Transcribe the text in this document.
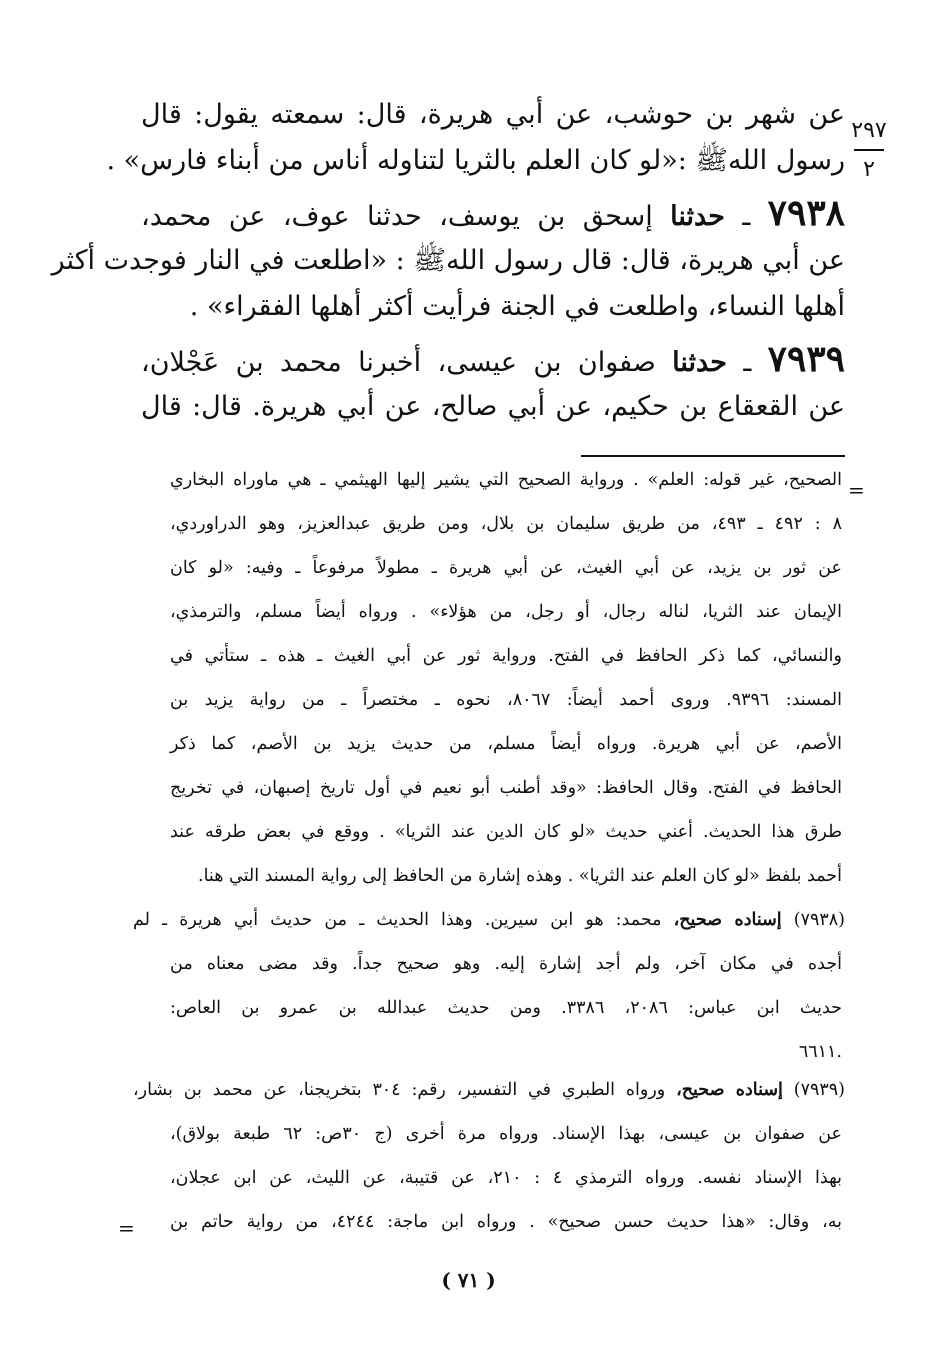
٢٩٧
٢
عن شهر بن حوشب، عن أبي هريرة، قال: سمعته يقول: قال
رسول اللهﷺ :«لو كان العلم بالثريا لتناوله أناس من أبناء فارس» .
٧٩٣٨ ـ حدثنا إسحق بن يوسف، حدثنا عوف، عن محمد،
عن أبي هريرة، قال: قال رسول اللهﷺ : «اطلعت في النار فوجدت أكثر
أهلها النساء، واطلعت في الجنة فرأيت أكثر أهلها الفقراء» .
٧٩٣٩ ـ حدثنا صفوان بن عيسى، أخبرنا محمد بن عَجْلان،
عن القعقاع بن حكيم، عن أبي صالح، عن أبي هريرة. قال: قال
=
الصحيح، غير قوله: العلم» . ورواية الصحيح التي يشير إليها الهيثمي ـ هي ماوراه البخاري
٨ : ٤٩٢ ـ ٤٩٣، من طريق سليمان بن بلال، ومن طريق عبدالعزيز، وهو الدراوردي،
عن ثور بن يزيد، عن أبي الغيث، عن أبي هريرة ـ مطولاً مرفوعاً ـ وفيه: «لو كان
الإيمان عند الثريا، لناله رجال، أو رجل، من هؤلاء» . ورواه أيضاً مسلم، والترمذي،
والنسائي، كما ذكر الحافظ في الفتح. ورواية ثور عن أبي الغيث ـ هذه ـ ستأتي في
المسند: ٩٣٩٦. وروى أحمد أيضاً: ٨٠٦٧، نحوه ـ مختصراً ـ من رواية يزيد بن
الأصم، عن أبي هريرة. ورواه أيضاً مسلم، من حديث يزيد بن الأصم، كما ذكر
الحافظ في الفتح. وقال الحافظ: «وقد أطنب أبو نعيم في أول تاريخ إصبهان، في تخريج
طرق هذا الحديث. أعني حديث «لو كان الدين عند الثريا» . ووقع في بعض طرقه عند
أحمد بلفظ «لو كان العلم عند الثريا» . وهذه إشارة من الحافظ إلى رواية المسند التي هنا.
(٧٩٣٨) إسناده صحيح، محمد: هو ابن سيرين. وهذا الحديث ـ من حديث أبي هريرة ـ لم
أجده في مكان آخر، ولم أجد إشارة إليه. وهو صحيح جداً. وقد مضى معناه من
حديث ابن عباس: ٢٠٨٦، ٣٣٨٦. ومن حديث عبدالله بن عمرو بن العاص:
٦٦١١.
(٧٩٣٩) إسناده صحيح، ورواه الطبري في التفسير، رقم: ٣٠٤ بتخريجنا، عن محمد بن بشار،
عن صفوان بن عيسى، بهذا الإسناد. ورواه مرة أخرى (ج ٣٠ص: ٦٢ طبعة بولاق)،
بهذا الإسناد نفسه. ورواه الترمذي ٤ : ٢١٠، عن قتيبة، عن الليث، عن ابن عجلان،
به، وقال: «هذا حديث حسن صحيح» . ورواه ابن ماجة: ٤٢٤٤، من رواية حاتم بن
=
( ٧١ )
